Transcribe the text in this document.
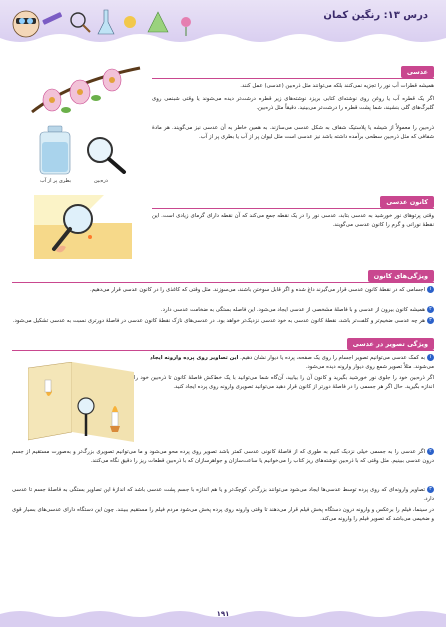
درس ۱۳: رنگین کمان
عدسی
همیشه قطرات آب نور را تجزیه نمی‌کنند بلکه می‌توانند مثل ذره‌بین (عدسی) عمل کنند.
اگر یک قطره آب یا روغن روی نوشته‌ای کتابی بریزد نوشته‌های زیر قطره درشت‌تر دیده می‌شوند یا وقتی شبنمی روی گلبرگ‌های گلی بنشیند، شما پشت قطره را درشت‌تر می‌بینید. دقیقاً مثل ذره‌بین.
ذره‌بین را معمولاً از شیشه یا پلاستیک شفاف به شکل عدسی می‌سازند. به همین خاطر به آن عدسی نیز می‌گویند. هر مادهٔ شفافی که مثل ذره‌بین سطحی برآمده داشته باشد نیز عدسی است مثل لیوان پر از آب یا بطری پر از آب.
بطری پر از آب	ذره‌بین
کانون عدسی
وقتی پرتوهای نور خورشید به عدسی بتابد، عدسی نور را در یک نقطه جمع می‌کند که آن نقطه دارای گرمای زیادی است. این نقطهٔ نورانی و گرم را کانون عدسی می‌گویند.
ویژگی‌های کانون
۱اجسامی که در نقطهٔ کانون عدسی قرار می‌گیرند داغ شده و اگر قابل سوختن باشند، می‌سوزند. مثل وقتی که کاغذی را در کانون عدسی قرار می‌دهیم.
۲همیشه کانون بیرون از عدسی و با فاصلهٔ مشخصی از عدسی ایجاد می‌شود. این فاصله بستگی به ضخامت عدسی دارد.
۳هر چه عدسی ضخیم‌تر و کلفت‌تر باشد، نقطهٔ کانون عدسی به خود عدسی نزدیک‌تر خواهد بود. در عدسی‌های نازک نقطهٔ کانون عدسی در فاصلهٔ دورتری نسبت به عدسی تشکیل می‌شود.
ویژگی تصویر در عدسی
۱به کمک عدسی می‌توانیم تصویر اجسام را روی یک صفحه، پرده یا دیوار نشان دهیم. این تصاویر روی پرده وارونه ایجاد
می‌شوند. مثلاً تصویر شمع روی دیوار وارونه دیده می‌شود.
اگر ذره‌بین خود را جلوی نور خورشید بگیرید و کانون آن را بیابید، آن‌گاه شما می‌توانید با یک خط‌کش فاصلهٔ کانون تا ذره‌بین خود را اندازه بگیرید. حال اگر هر جسمی را در فاصلهٔ دورتر از کانون قرار دهید می‌توانید تصویری وارونه روی پرده ایجاد کنید.
۲اگر عدسی را به جسمی خیلی نزدیک کنیم به طوری که از فاصلهٔ کانونی عدسی کمتر باشد تصویر روی پرده محو می‌شود و ما می‌توانیم تصویری بزرگ‌تر و به‌صورت مستقیم از جسم درون عدسی ببینیم. مثل وقتی که با ذره‌بین نوشته‌های ریز کتاب را می‌خوانیم یا ساعت‌سازان و جواهرسازان که با ذره‌بین قطعات ریز را دقیق نگاه می‌کنند.
۳تصاویر وارونه‌ای که روی پرده توسط عدسی‌ها ایجاد می‌شود می‌توانند بزرگ‌تر، کوچک‌تر و یا هم اندازه با جسم پشت عدسی باشد که اندازهٔ این تصاویر بستگی به فاصلهٔ جسم تا عدسی دارد.
در سینما، فیلم را برعکس و وارونه درون دستگاه پخش فیلم قرار می‌دهند تا وقتی وارونه روی پرده پخش می‌شود مردم فیلم را مستقیم ببینند. چون این دستگاه دارای عدسی‌های بسیار قوی و ضخیمی می‌باشد که تصویر فیلم را وارونه می‌کند.
۱۹۱
